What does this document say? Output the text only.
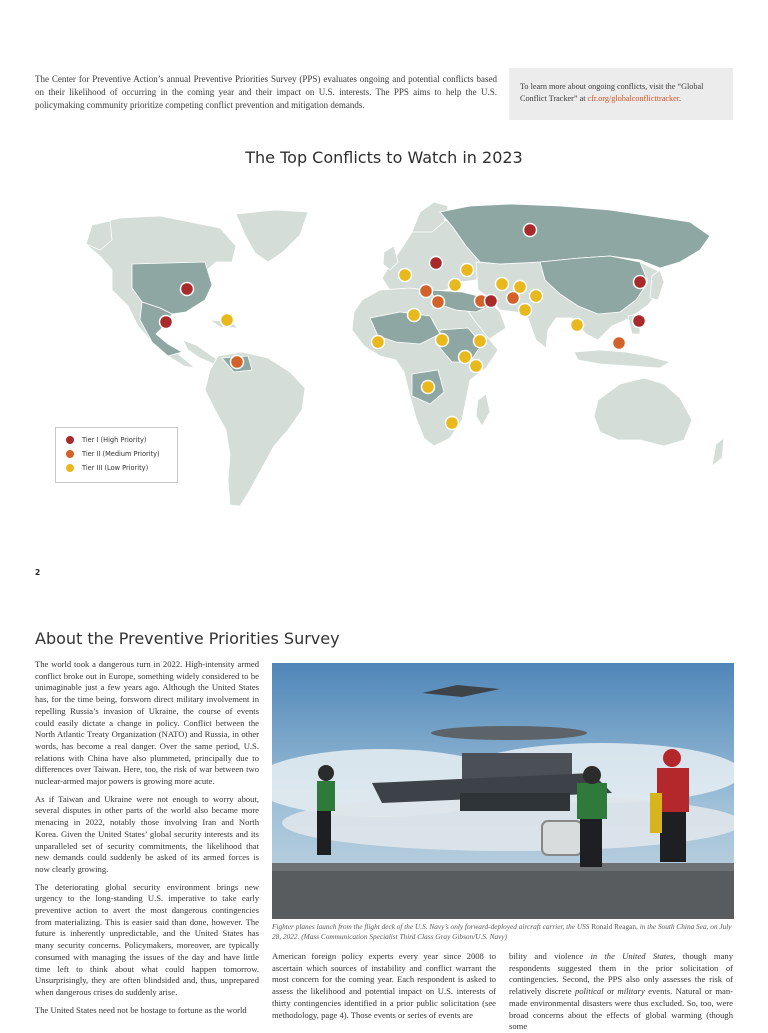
The Center for Preventive Action’s annual Preventive Priorities Survey (PPS) evaluates ongoing and potential conflicts based on their likelihood of occurring in the coming year and their impact on U.S. interests. The PPS aims to help the U.S. policymaking community prioritize competing conflict prevention and mitigation demands.
To learn more about ongoing conflicts, visit the “Global Conflict Tracker” at cfr.org/globalconflicttracker.
The Top Conflicts to Watch in 2023
Tier I (High Priority)
Tier II (Medium Priority)
Tier III (Low Priority)
2
About the Preventive Priorities Survey

The world took a dangerous turn in 2022. High-intensity armed conflict broke out in Europe, something widely considered to be unimaginable just a few years ago. Although the United States has, for the time being, forsworn direct military involvement in repelling Russia’s invasion of Ukraine, the course of events could easily dictate a change in policy. Conflict between the North Atlantic Treaty Organization (NATO) and Russia, in other words, has become a real danger. Over the same period, U.S. relations with China have also plummeted, principally due to differences over Taiwan. Here, too, the risk of war between two nuclear-armed major powers is growing more acute.

As if Taiwan and Ukraine were not enough to worry about, several disputes in other parts of the world also became more menacing in 2022, notably those involving Iran and North Korea. Given the United States’ global security interests and its unparalleled set of security commitments, the likelihood that new demands could suddenly be asked of its armed forces is now clearly growing.

The deteriorating global security environment brings new urgency to the long-standing U.S. imperative to take early preventive action to avert the most dangerous contingencies from materializing. This is easier said than done, however. The future is inherently unpredictable, and the United States has many security concerns. Policymakers, moreover, are typically consumed with managing the issues of the day and have little time left to think about what could happen tomorrow. Unsurprisingly, they are often blindsided and, thus, unprepared when dangerous crises do suddenly arise.

The United States need not be hostage to fortune as the world

Fighter planes launch from the flight deck of the U.S. Navy’s only forward-deployed aircraft carrier, the USS Ronald Reagan, in the South China Sea, on July 28, 2022. (Mass Communication Specialist Third Class Gray Gibson/U.S. Navy)

American foreign policy experts every year since 2008 to ascertain which sources of instability and conflict warrant the most concern for the coming year. Each respondent is asked to assess the likelihood and potential impact on U.S. interests of thirty contingencies identified in a prior public solicitation (see methodology, page 4). Those events or series of events are

bility and violence in the United States, though many respondents suggested them in the prior solicitation of contingencies. Second, the PPS also only assesses the risk of relatively discrete political or military events. Natural or man-made environmental disasters were thus excluded. So, too, were broad concerns about the effects of global warming (though some
